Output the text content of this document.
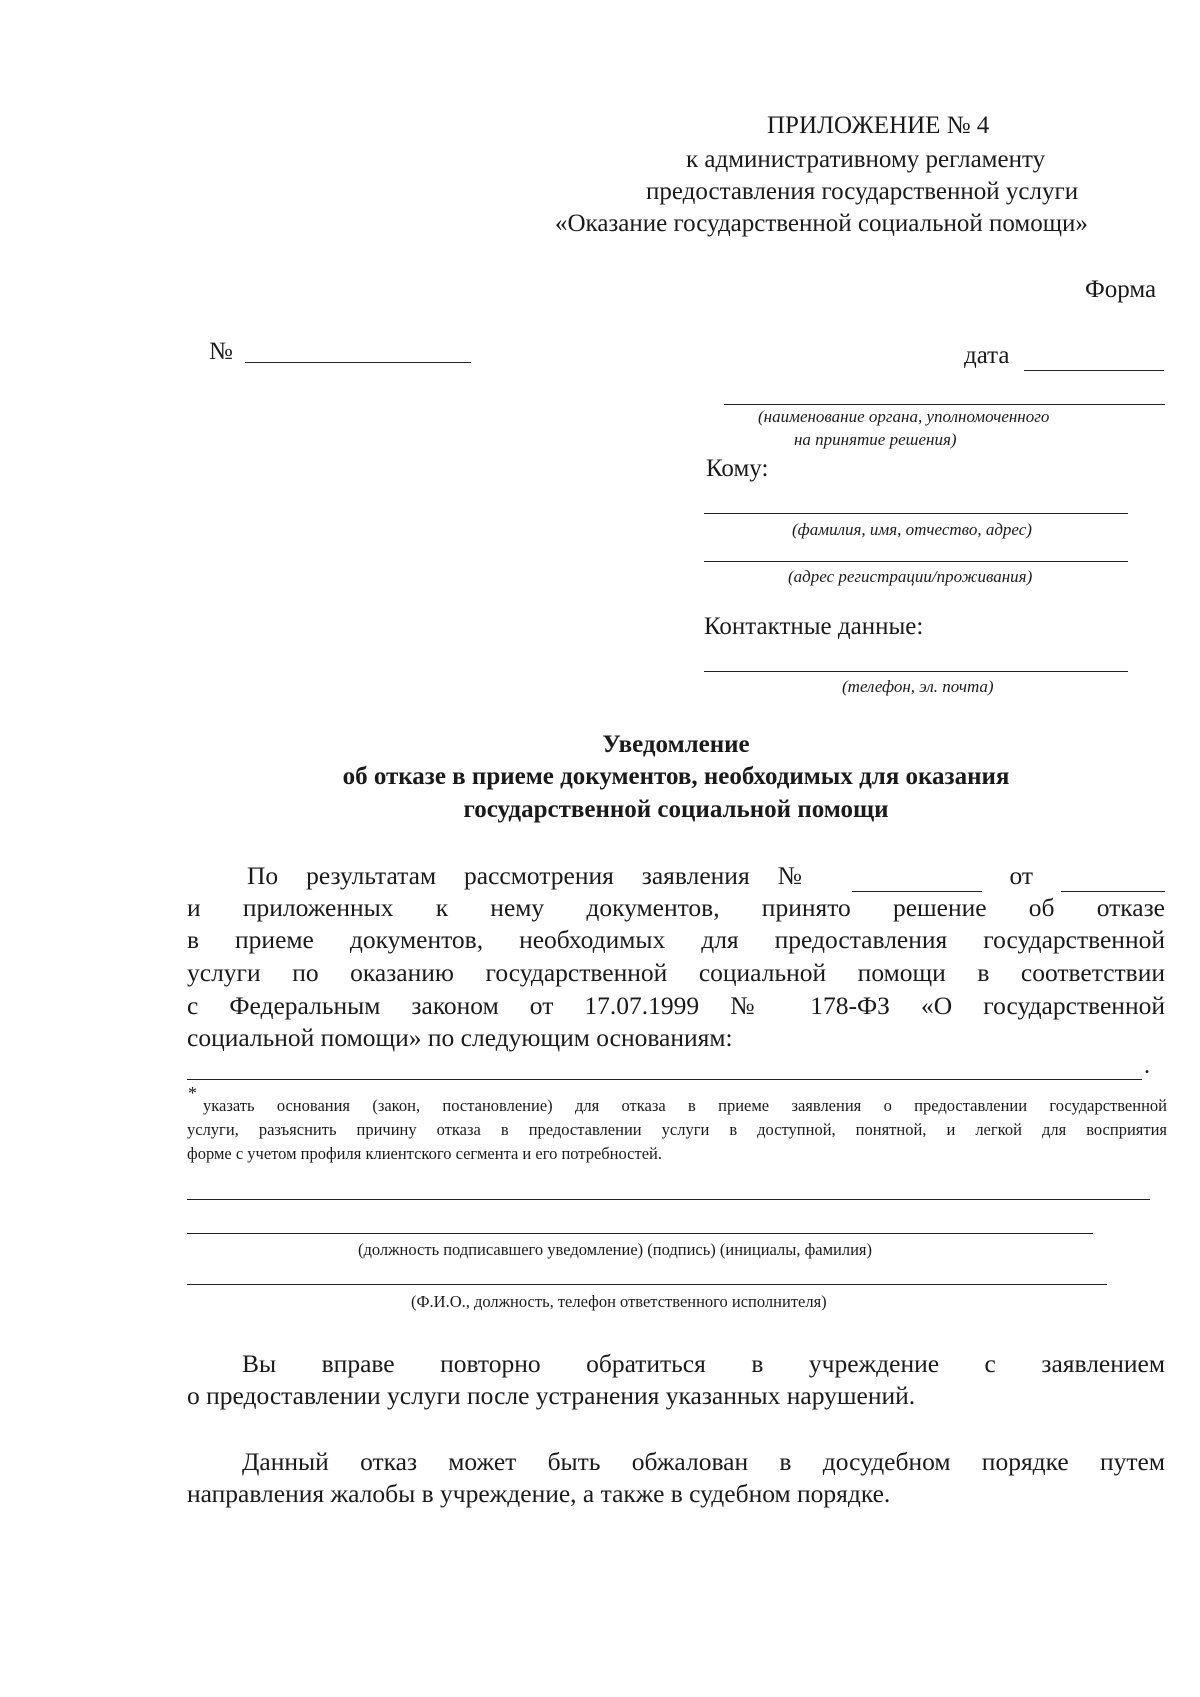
ПРИЛОЖЕНИЕ № 4
к административному регламенту
предоставления государственной услуги
«Оказание государственной социальной помощи»
Форма
№	дата
(наименование органа, уполномоченного
на принятие решения)
Кому:
(фамилия, имя, отчество, адрес)
(адрес регистрации/проживания)
Контактные данные:
(телефон, эл. почта)
Уведомление
об отказе в приеме документов, необходимых для оказания
государственной социальной помощи
По результатам рассмотрения заявления №	от
и приложенных к нему документов, принято решение об отказе
в приеме документов, необходимых для предоставления государственной
услуги по оказанию государственной социальной помощи в соответствии
с Федеральным законом от 17.07.1999 № 178-ФЗ «О государственной
социальной помощи» по следующим основаниям:
.
*

указать основания (закон, постановление) для отказа в приеме заявления о предоставлении государственной

услуги, разъяснить причину отказа в предоставлении услуги в доступной, понятной, и легкой для восприятия

форме с учетом профиля клиентского сегмента и его потребностей.

(должность подписавшего уведомление) (подпись) (инициалы, фамилия)
(Ф.И.О., должность, телефон ответственного исполнителя)
Вы вправе повторно обратиться в учреждение с заявлением
о предоставлении услуги после устранения указанных нарушений.
Данный отказ может быть обжалован в досудебном порядке путем
направления жалобы в учреждение, а также в судебном порядке.
